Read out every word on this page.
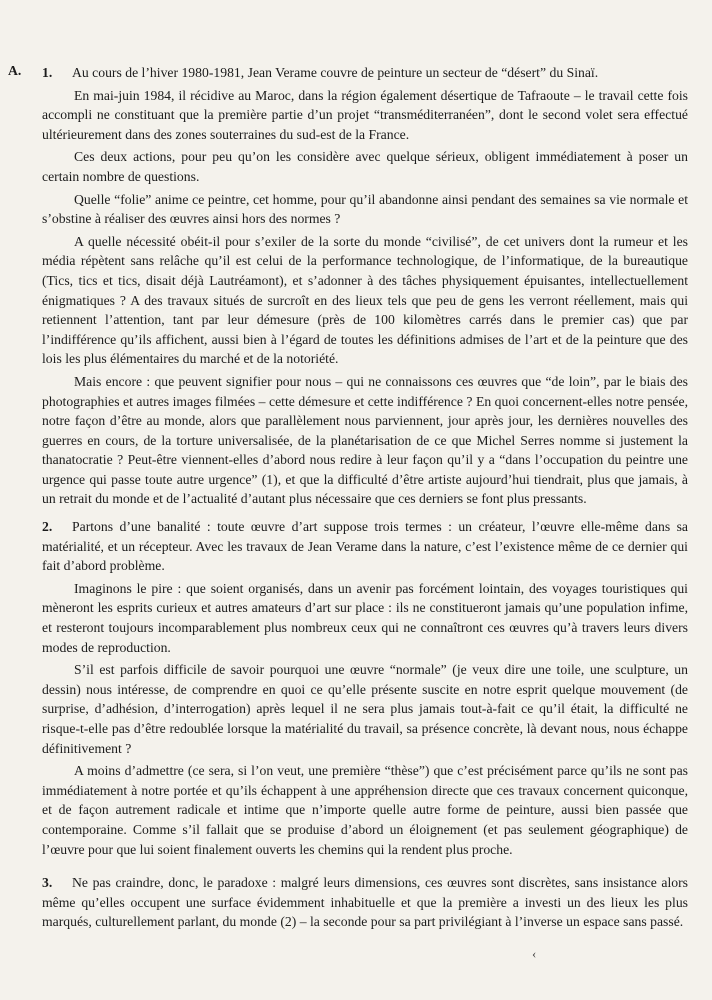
A. 1. Au cours de l’hiver 1980-1981, Jean Verame couvre de peinture un secteur de “désert” du Sinaï.

En mai-juin 1984, il récidive au Maroc, dans la région également désertique de Tafraoute – le travail cette fois accompli ne constituant que la première partie d’un projet “transméditerranéen”, dont le second volet sera effectué ultérieurement dans des zones souterraines du sud-est de la France.

Ces deux actions, pour peu qu’on les considère avec quelque sérieux, obligent immédiatement à poser un certain nombre de questions.

Quelle “folie” anime ce peintre, cet homme, pour qu’il abandonne ainsi pendant des semaines sa vie normale et s’obstine à réaliser des œuvres ainsi hors des normes ?

A quelle nécessité obéit-il pour s’exiler de la sorte du monde “civilisé”, de cet univers dont la rumeur et les média répètent sans relâche qu’il est celui de la performance technologique, de l’informatique, de la bureautique (Tics, tics et tics, disait déjà Lautréamont), et s’adonner à des tâches physiquement épuisantes, intellectuellement énigmatiques ? A des travaux situés de surcroît en des lieux tels que peu de gens les verront réellement, mais qui retiennent l’attention, tant par leur démesure (près de 100 kilomètres carrés dans le premier cas) que par l’indifférence qu’ils affichent, aussi bien à l’égard de toutes les définitions admises de l’art et de la peinture que des lois les plus élémentaires du marché et de la notoriété.

Mais encore : que peuvent signifier pour nous – qui ne connaissons ces œuvres que “de loin”, par le biais des photographies et autres images filmées – cette démesure et cette indifférence ? En quoi concernent-elles notre pensée, notre façon d’être au monde, alors que parallèlement nous parviennent, jour après jour, les dernières nouvelles des guerres en cours, de la torture universalisée, de la planétarisation de ce que Michel Serres nomme si justement la thanatocratie ? Peut-être viennent-elles d’abord nous redire à leur façon qu’il y a “dans l’occupation du peintre une urgence qui passe toute autre urgence” (1), et que la difficulté d’être artiste aujourd’hui tiendrait, plus que jamais, à un retrait du monde et de l’actualité d’autant plus nécessaire que ces derniers se font plus pressants.

2. Partons d’une banalité : toute œuvre d’art suppose trois termes : un créateur, l’œuvre elle-même dans sa matérialité, et un récepteur. Avec les travaux de Jean Verame dans la nature, c’est l’existence même de ce dernier qui fait d’abord problème.

Imaginons le pire : que soient organisés, dans un avenir pas forcément lointain, des voyages touristiques qui mèneront les esprits curieux et autres amateurs d’art sur place : ils ne constitueront jamais qu’une population infime, et resteront toujours incomparablement plus nombreux ceux qui ne connaîtront ces œuvres qu’à travers leurs divers modes de reproduction.

S’il est parfois difficile de savoir pourquoi une œuvre “normale” (je veux dire une toile, une sculpture, un dessin) nous intéresse, de comprendre en quoi ce qu’elle présente suscite en notre esprit quelque mouvement (de surprise, d’adhésion, d’interrogation) après lequel il ne sera plus jamais tout-à-fait ce qu’il était, la difficulté ne risque-t-elle pas d’être redoublée lorsque la matérialité du travail, sa présence concrète, là devant nous, nous échappe définitivement ?

A moins d’admettre (ce sera, si l’on veut, une première “thèse”) que c’est précisément parce qu’ils ne sont pas immédiatement à notre portée et qu’ils échappent à une appréhension directe que ces travaux concernent quiconque, et de façon autrement radicale et intime que n’importe quelle autre forme de peinture, aussi bien passée que contemporaine. Comme s’il fallait que se produise d’abord un éloignement (et pas seulement géographique) de l’œuvre pour que lui soient finalement ouverts les chemins qui la rendent plus proche.

3. Ne pas craindre, donc, le paradoxe : malgré leurs dimensions, ces œuvres sont discrètes, sans insistance alors même qu’elles occupent une surface évidemment inhabituelle et que la première a investi un des lieux les plus marqués, culturellement parlant, du monde (2) – la seconde pour sa part privilégiant à l’inverse un espace sans passé.

‹
